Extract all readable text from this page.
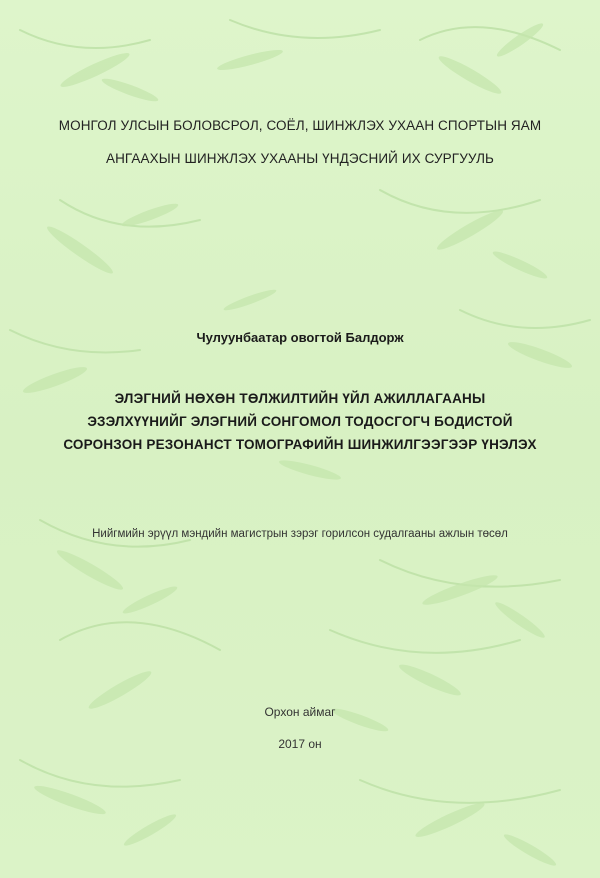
МОНГОЛ УЛСЫН БОЛОВСРОЛ, СОЁЛ, ШИНЖЛЭХ УХААН СПОРТЫН ЯАМ
АНГААХЫН ШИНЖЛЭХ УХААНЫ ҮНДЭСНИЙ ИХ СУРГУУЛЬ
Чулуунбаатар овогтой Балдорж
ЭЛЭГНИЙ НӨХӨН ТӨЛЖИЛТИЙН ҮЙЛ АЖИЛЛАГААНЫ
ЭЗЭЛХҮҮНИЙГ ЭЛЭГНИЙ СОНГОМОЛ ТОДОСГОГЧ БОДИСТОЙ
СОРОНЗОН РЕЗОНАНСТ ТОМОГРАФИЙН ШИНЖИЛГЭЭГЭЭР ҮНЭЛЭХ
Нийгмийн эрүүл мэндийн магистрын зэрэг горилсон судалгааны ажлын төсөл
Орхон аймаг
2017 он
